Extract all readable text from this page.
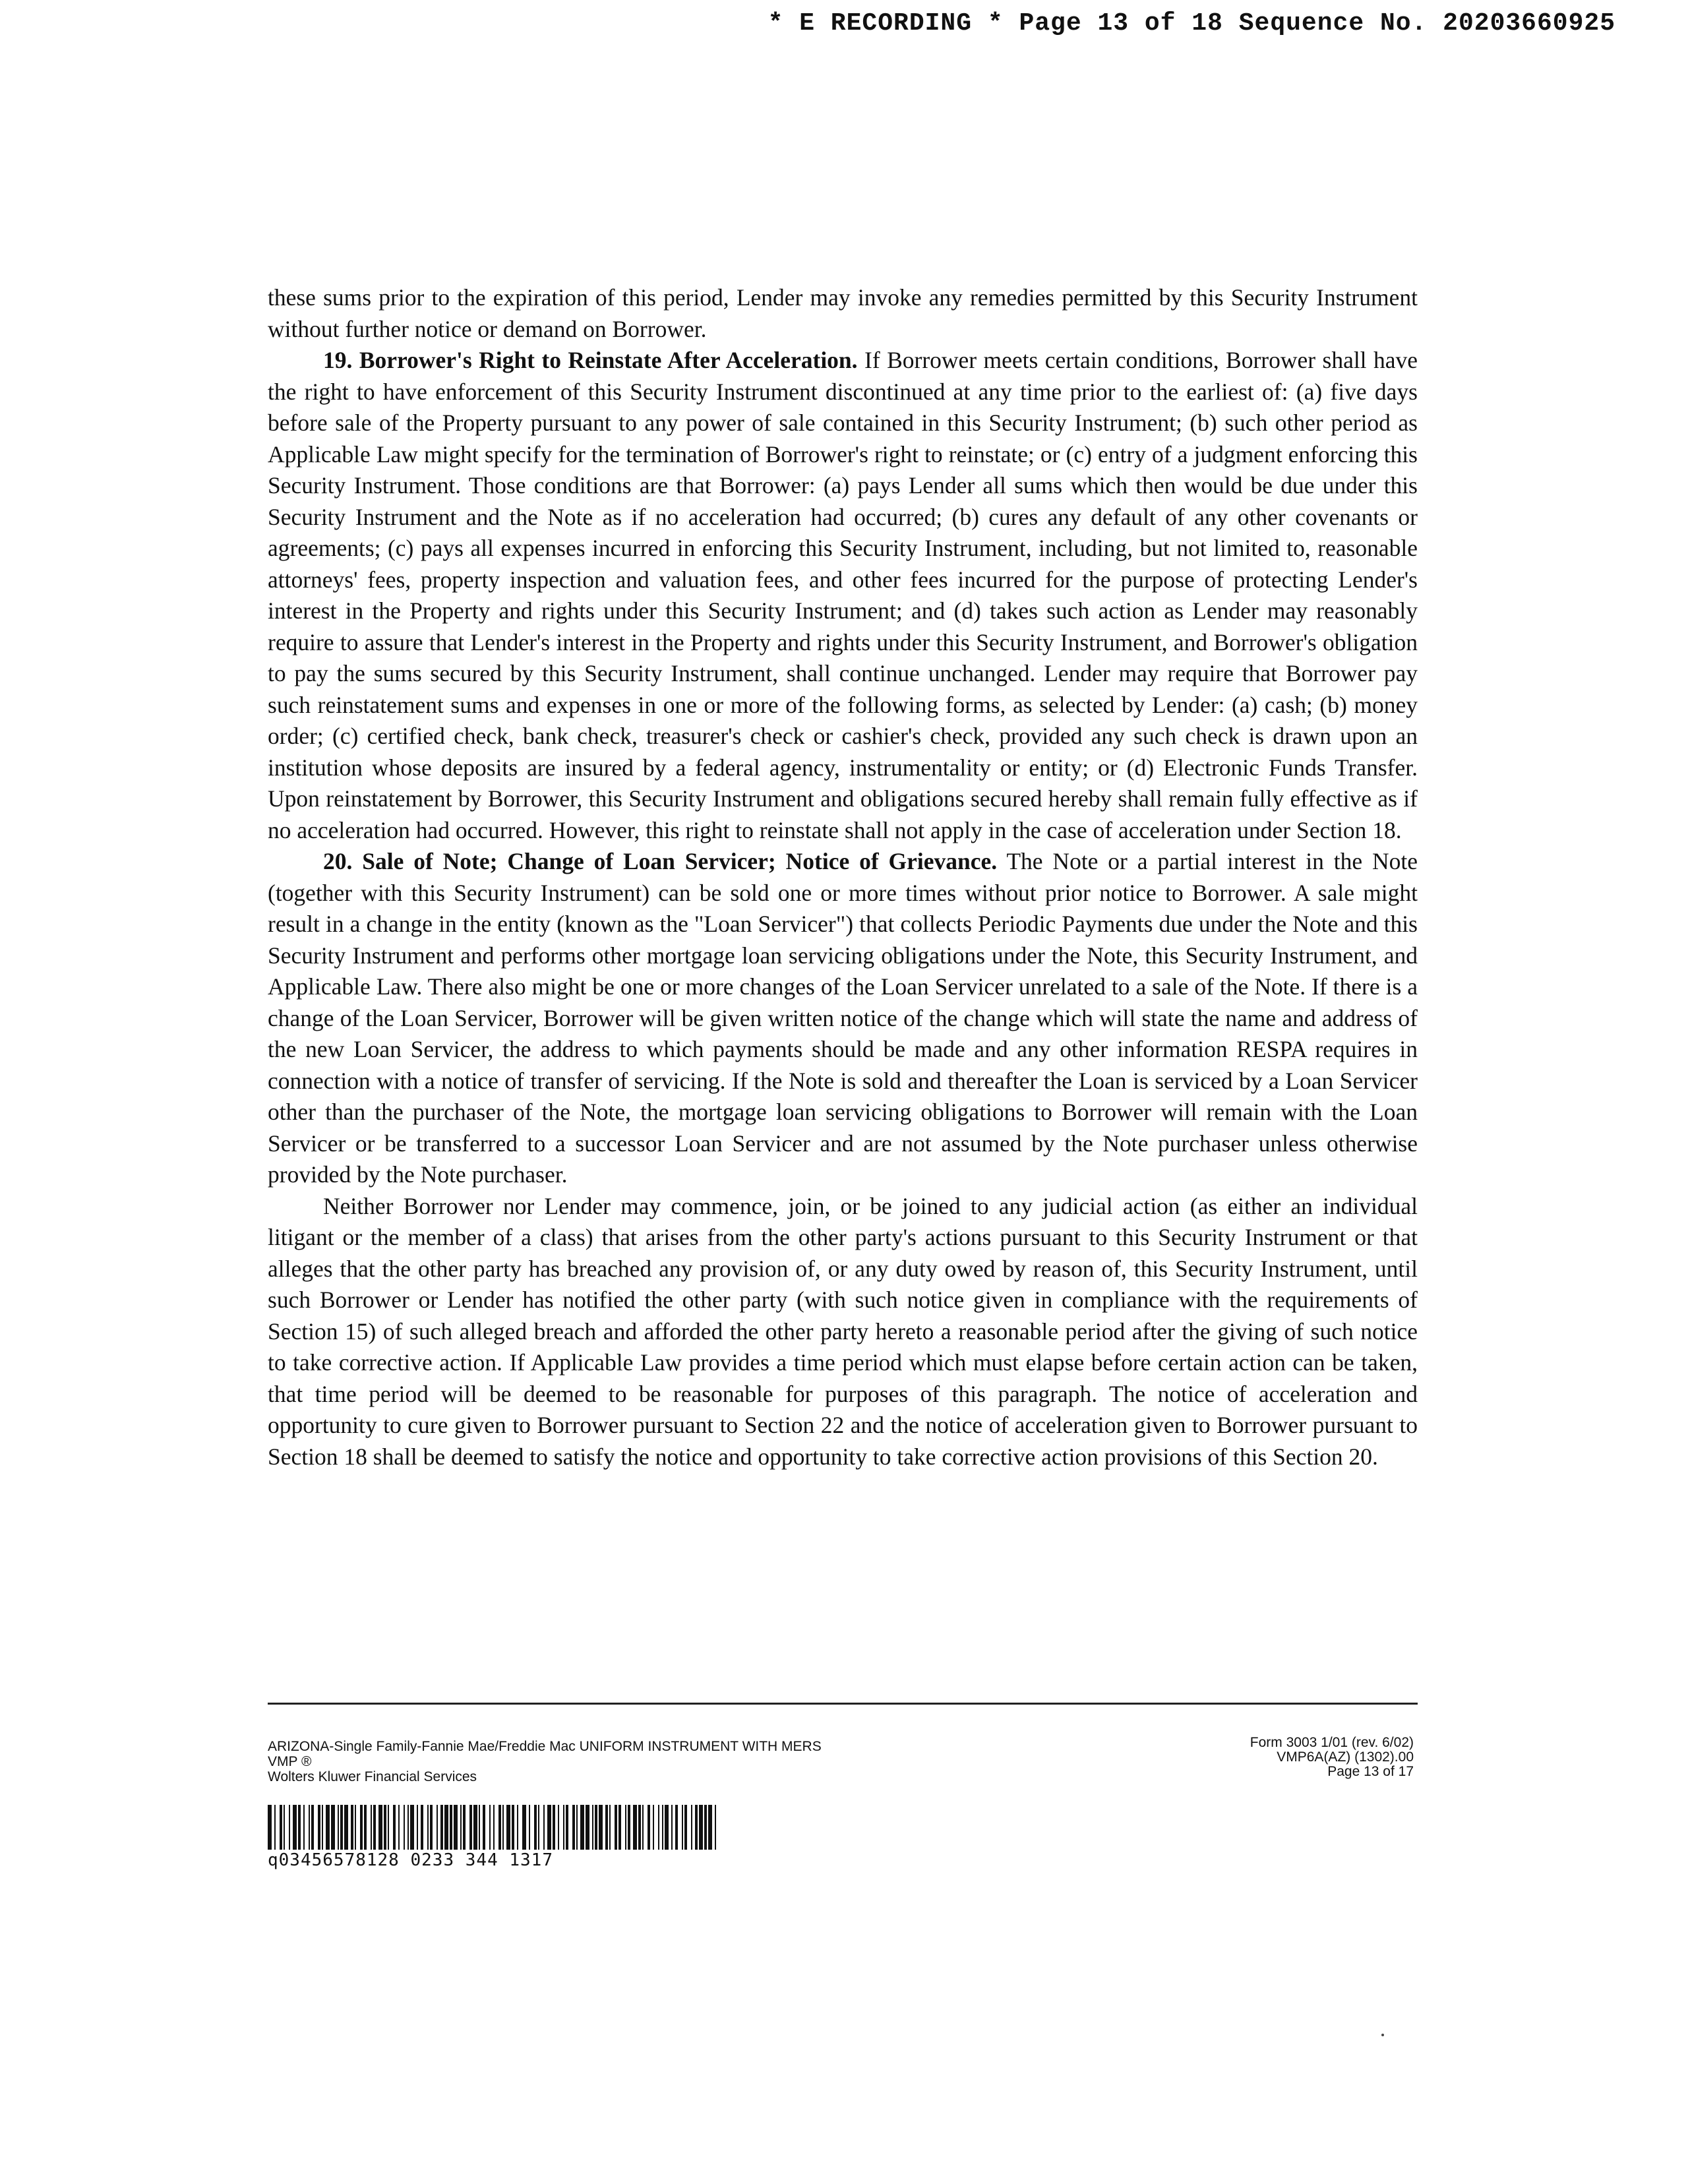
* E RECORDING * Page 13 of 18 Sequence No. 20203660925

these sums prior to the expiration of this period, Lender may invoke any remedies permitted by this Security Instrument without further notice or demand on Borrower.

19. Borrower's Right to Reinstate After Acceleration. If Borrower meets certain conditions, Borrower shall have the right to have enforcement of this Security Instrument discontinued at any time prior to the earliest of: (a) five days before sale of the Property pursuant to any power of sale contained in this Security Instrument; (b) such other period as Applicable Law might specify for the termination of Borrower's right to reinstate; or (c) entry of a judgment enforcing this Security Instrument. Those conditions are that Borrower: (a) pays Lender all sums which then would be due under this Security Instrument and the Note as if no acceleration had occurred; (b) cures any default of any other covenants or agreements; (c) pays all expenses incurred in enforcing this Security Instrument, including, but not limited to, reasonable attorneys' fees, property inspection and valuation fees, and other fees incurred for the purpose of protecting Lender's interest in the Property and rights under this Security Instrument; and (d) takes such action as Lender may reasonably require to assure that Lender's interest in the Property and rights under this Security Instrument, and Borrower's obligation to pay the sums secured by this Security Instrument, shall continue unchanged. Lender may require that Borrower pay such reinstatement sums and expenses in one or more of the following forms, as selected by Lender: (a) cash; (b) money order; (c) certified check, bank check, treasurer's check or cashier's check, provided any such check is drawn upon an institution whose deposits are insured by a federal agency, instrumentality or entity; or (d) Electronic Funds Transfer. Upon reinstatement by Borrower, this Security Instrument and obligations secured hereby shall remain fully effective as if no acceleration had occurred. However, this right to reinstate shall not apply in the case of acceleration under Section 18.

20. Sale of Note; Change of Loan Servicer; Notice of Grievance. The Note or a partial interest in the Note (together with this Security Instrument) can be sold one or more times without prior notice to Borrower. A sale might result in a change in the entity (known as the "Loan Servicer") that collects Periodic Payments due under the Note and this Security Instrument and performs other mortgage loan servicing obligations under the Note, this Security Instrument, and Applicable Law. There also might be one or more changes of the Loan Servicer unrelated to a sale of the Note. If there is a change of the Loan Servicer, Borrower will be given written notice of the change which will state the name and address of the new Loan Servicer, the address to which payments should be made and any other information RESPA requires in connection with a notice of transfer of servicing. If the Note is sold and thereafter the Loan is serviced by a Loan Servicer other than the purchaser of the Note, the mortgage loan servicing obligations to Borrower will remain with the Loan Servicer or be transferred to a successor Loan Servicer and are not assumed by the Note purchaser unless otherwise provided by the Note purchaser.

Neither Borrower nor Lender may commence, join, or be joined to any judicial action (as either an individual litigant or the member of a class) that arises from the other party's actions pursuant to this Security Instrument or that alleges that the other party has breached any provision of, or any duty owed by reason of, this Security Instrument, until such Borrower or Lender has notified the other party (with such notice given in compliance with the requirements of Section 15) of such alleged breach and afforded the other party hereto a reasonable period after the giving of such notice to take corrective action. If Applicable Law provides a time period which must elapse before certain action can be taken, that time period will be deemed to be reasonable for purposes of this paragraph. The notice of acceleration and opportunity to cure given to Borrower pursuant to Section 22 and the notice of acceleration given to Borrower pursuant to Section 18 shall be deemed to satisfy the notice and opportunity to take corrective action provisions of this Section 20.

ARIZONA-Single Family-Fannie Mae/Freddie Mac UNIFORM INSTRUMENT WITH MERS
VMP ®
Wolters Kluwer Financial Services
Form 3003 1/01 (rev. 6/02)
VMP6A(AZ) (1302).00
Page 13 of 17
q03456578128 0233 344 1317
